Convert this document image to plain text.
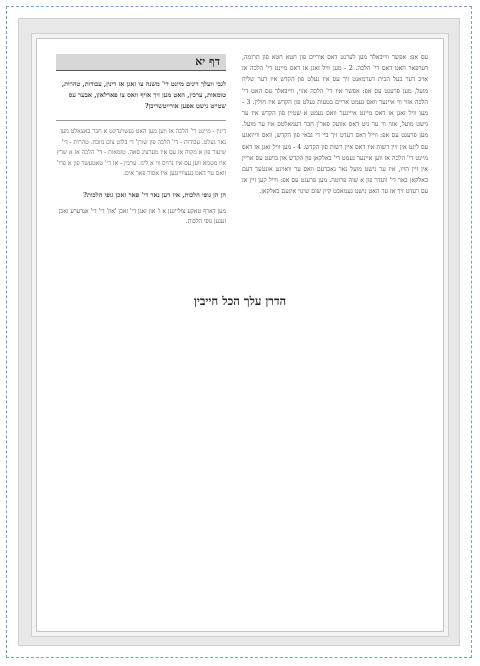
עס אפ: אפשר ווייבאלד מען לערנט דאס אוריים פון חטא חטא פון תרומה, דערפאר האט דאס די' הלכה. 2 - מען וויל זאגן אז דאס מיינט די' הלכה אז אויב דער בעל הבית דערמאנט זיך עס איז געלט פון הקדש איז דער שליח מועל, מען פרעגט עס אפ: אפשר איז די' הלכה אזוי, ווייבאלד עס האט די' הלכה אזוי ווי איינער וואס נעמט אריים בטעות געלט פון הקדש איז חולין. 3 - מען וויל זאגן אז דאס מיינט אייינער וואס נעמט א שטיין פון הקדש איז ער נישט מועל, אזוי ווי ער גיט דאס אוועק פאר'ן חבר דעמאלטס איז ער מועל. מען פרעגט עס אפ: ווייל דאס רעדט זיך ביי די גבאי פון הקדש, וואס ווייזאגע עס ליגט אין זיין רשות איז דאס איין רשות פון הקדש. 4 - מען וויל זאגן אז דאס מיינט די' הלכה אז ווען איינער נעמט די' באלקאן פון הקדש און בויעט עס אריין אין זיין הויז, איז ער נישט מועל נאר נאכדעם וואס ער וואוינט אונטער דעם באלקאן באר די' וועדר פון א שוה פרוטה. מען פרעגט עס אפ: ווייל קען זיין אז עס רעדט זיך אז ער האט נישט געמאכט קיין שום שינוי אינעם באלקאן.
דף יא
לגבי וועלך דינים מיינט די' משנה צו זאגן אז דינין, עבודות, טהרות, טומאות, ערכין, האט מען זיך אויף וואס צו פארלאזן, אבער עס שטייט נישט אפען אורייטשריבן?
דינין - מיינט די' הלכה אז ווען מען האט געשוינדיגט א חבר באצאלט מען נאר געלט. עבודות - די' הלכה פון שורן' די בלוט צום מזבח. טהרות - די' שיעור פון א מקוה אז עס איז מערציג סאה. טומאות - די' הלכה אז א שרץ איז מטמא ווען עס איז גרויס ווי א לינז. ערכין - אז די' טאטעשר פון א פרו' וואס ער האט געצוויינגען איז אסור פאר אים.
הן הן גופי הלכות, איז דען נאר די' פאר זאכן גופי הלכות?
מען דארף טאקע צוליינען א ו' און זאגן די' זאכן 'און' די' די' אנדערע זאכן זענען גופי הלכות.
הדרן עלך הכל חייבין
